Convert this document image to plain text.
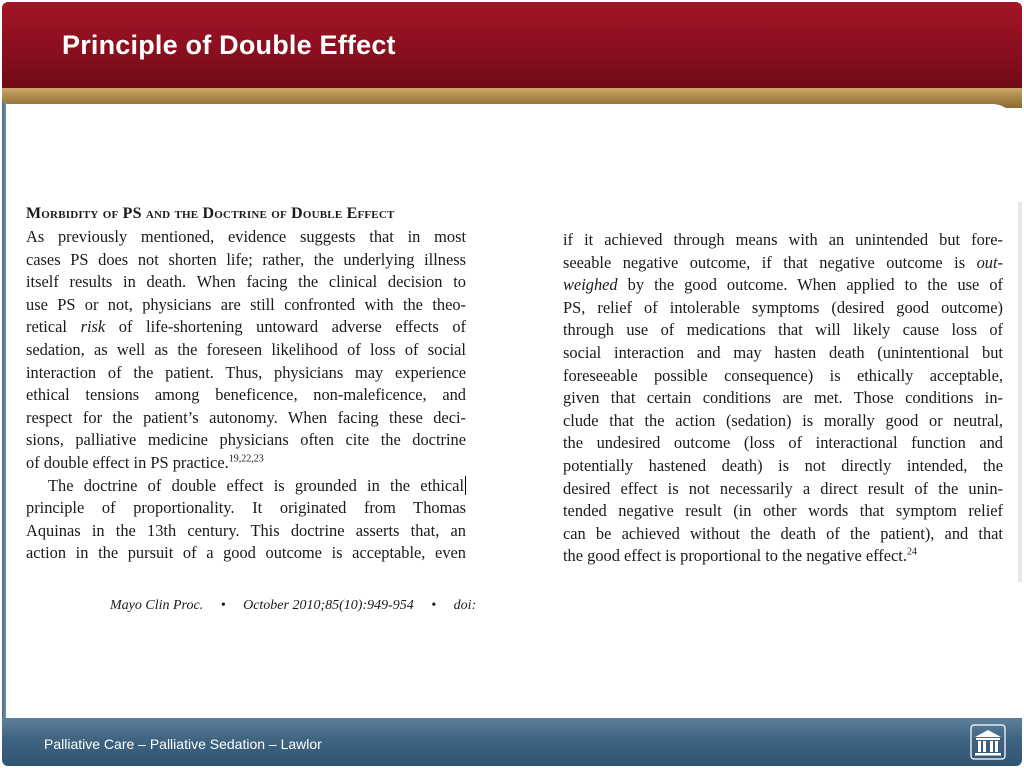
Principle of Double Effect
Morbidity of PS and the Doctrine of Double Effect
As previously mentioned, evidence suggests that in most
cases PS does not shorten life; rather, the underlying illness
itself results in death. When facing the clinical decision to
use PS or not, physicians are still confronted with the theo-
retical risk of life-shortening untoward adverse effects of
sedation, as well as the foreseen likelihood of loss of social
interaction of the patient. Thus, physicians may experience
ethical tensions among beneficence, non-maleficence, and
respect for the patient’s autonomy. When facing these deci-
sions, palliative medicine physicians often cite the doctrine
of double effect in PS practice.$^{19,22,23}$
The doctrine of double effect is grounded in the ethical
principle of proportionality. It originated from Thomas
Aquinas in the 13th century. This doctrine asserts that, an
action in the pursuit of a good outcome is acceptable, even
if it achieved through means with an unintended but fore-
seeable negative outcome, if that negative outcome is out-
weighed by the good outcome. When applied to the use of
PS, relief of intolerable symptoms (desired good outcome)
through use of medications that will likely cause loss of
social interaction and may hasten death (unintentional but
foreseeable possible consequence) is ethically acceptable,
given that certain conditions are met. Those conditions in-
clude that the action (sedation) is morally good or neutral,
the undesired outcome (loss of interactional function and
potentially hastened death) is not directly intended, the
desired effect is not necessarily a direct result of the unin-
tended negative result (in other words that symptom relief
can be achieved without the death of the patient), and that
the good effect is proportional to the negative effect.$^{24}$
Mayo Clin Proc.     •     October 2010;85(10):949-954     •     doi:
Palliative Care – Palliative Sedation – Lawlor
